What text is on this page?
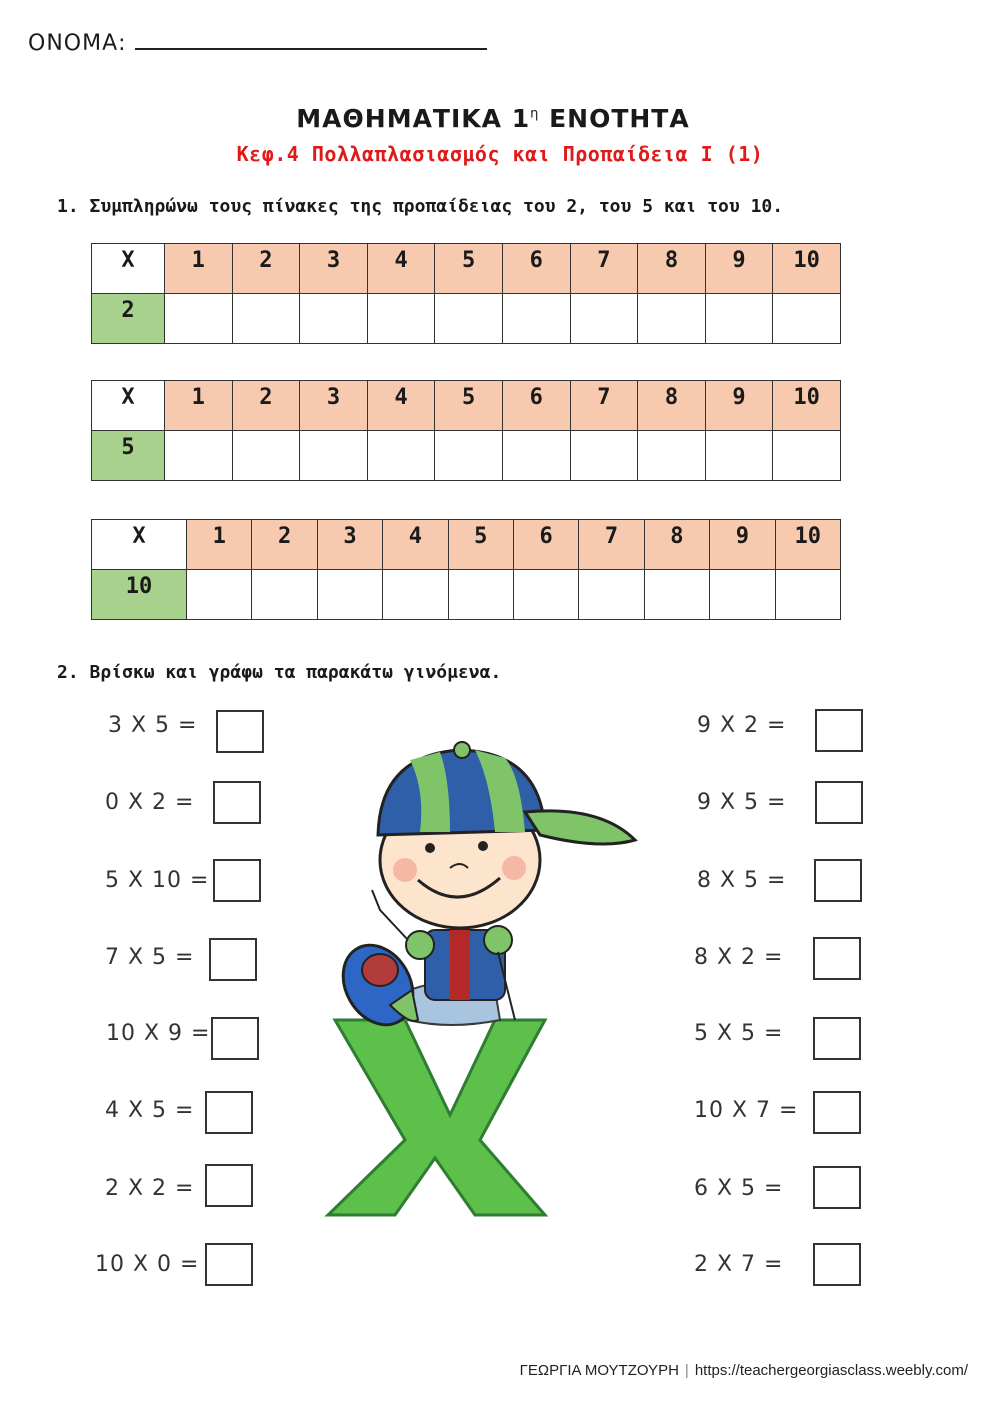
ΟΝΟΜΑ:
ΜΑΘΗΜΑΤΙΚΑ $1^\eta$ ΕΝΟΤΗΤΑ
Κεφ.4 Πολλαπλασιασμός και Προπαίδεια Ι (1)
1. Συμπληρώνω τους πίνακες της προπαίδειας του 2, του 5 και του 10.
Χ	1	2	3	4	5	6	7	8	9	10

2										

Χ	1	2	3	4	5	6	7	8	9	10

5										

Χ	1	2	3	4	5	6	7	8	9	10

10										

2. Βρίσκω και γράφω τα παρακάτω γινόμενα.
3 Χ 5 =
0 Χ 2 =
5 Χ 10 =
7 Χ 5 =
10 Χ 9 =
4 Χ 5 =
2 Χ 2 =
10 Χ 0 =
9 Χ 2 =
9 Χ 5 =
8 Χ 5 =
8 Χ 2 =
5 Χ 5 =
10 Χ 7 =
6 Χ 5 =
2 Χ 7 =
ΓΕΩΡΓΙΑ ΜΟΥΤΖΟΥΡΗ | https://teachergeorgiasclass.weebly.com/
